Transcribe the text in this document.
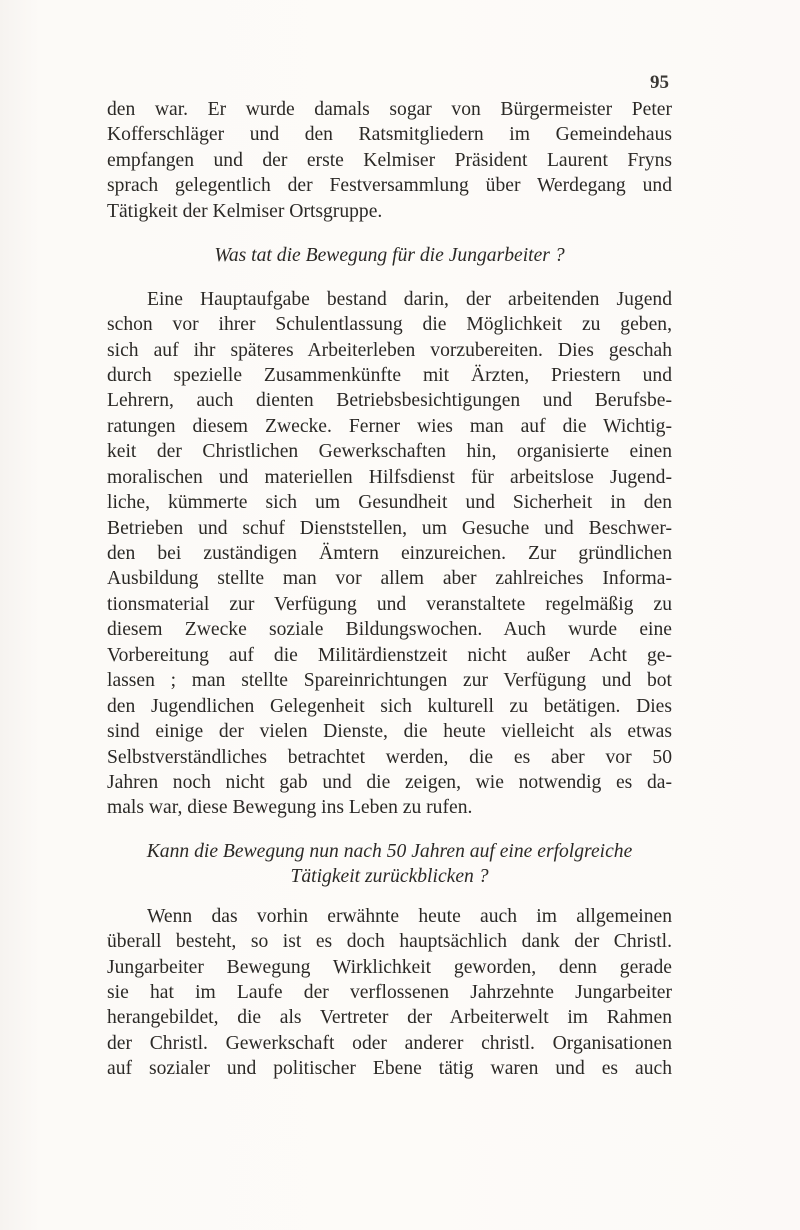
95
den war. Er wurde damals sogar von Bürgermeister Peter
Kofferschläger und den Ratsmitgliedern im Gemeindehaus
empfangen und der erste Kelmiser Präsident Laurent Fryns
sprach gelegentlich der Festversammlung über Werdegang und
Tätigkeit der Kelmiser Ortsgruppe.
Was tat die Bewegung für die Jungarbeiter ?
Eine Hauptaufgabe bestand darin, der arbeitenden Jugend
schon vor ihrer Schulentlassung die Möglichkeit zu geben,
sich auf ihr späteres Arbeiterleben vorzubereiten. Dies geschah
durch spezielle Zusammenkünfte mit Ärzten, Priestern und
Lehrern, auch dienten Betriebsbesichtigungen und Berufsbe-
ratungen diesem Zwecke. Ferner wies man auf die Wichtig-
keit der Christlichen Gewerkschaften hin, organisierte einen
moralischen und materiellen Hilfsdienst für arbeitslose Jugend-
liche, kümmerte sich um Gesundheit und Sicherheit in den
Betrieben und schuf Dienststellen, um Gesuche und Beschwer-
den bei zuständigen Ämtern einzureichen. Zur gründlichen
Ausbildung stellte man vor allem aber zahlreiches Informa-
tionsmaterial zur Verfügung und veranstaltete regelmäßig zu
diesem Zwecke soziale Bildungswochen. Auch wurde eine
Vorbereitung auf die Militärdienstzeit nicht außer Acht ge-
lassen ; man stellte Spareinrichtungen zur Verfügung und bot
den Jugendlichen Gelegenheit sich kulturell zu betätigen. Dies
sind einige der vielen Dienste, die heute vielleicht als etwas
Selbstverständliches betrachtet werden, die es aber vor 50
Jahren noch nicht gab und die zeigen, wie notwendig es da-
mals war, diese Bewegung ins Leben zu rufen.
Kann die Bewegung nun nach 50 Jahren auf eine erfolgreiche
Tätigkeit zurückblicken ?
Wenn das vorhin erwähnte heute auch im allgemeinen
überall besteht, so ist es doch hauptsächlich dank der Christl.
Jungarbeiter Bewegung Wirklichkeit geworden, denn gerade
sie hat im Laufe der verflossenen Jahrzehnte Jungarbeiter
herangebildet, die als Vertreter der Arbeiterwelt im Rahmen
der Christl. Gewerkschaft oder anderer christl. Organisationen
auf sozialer und politischer Ebene tätig waren und es auch
